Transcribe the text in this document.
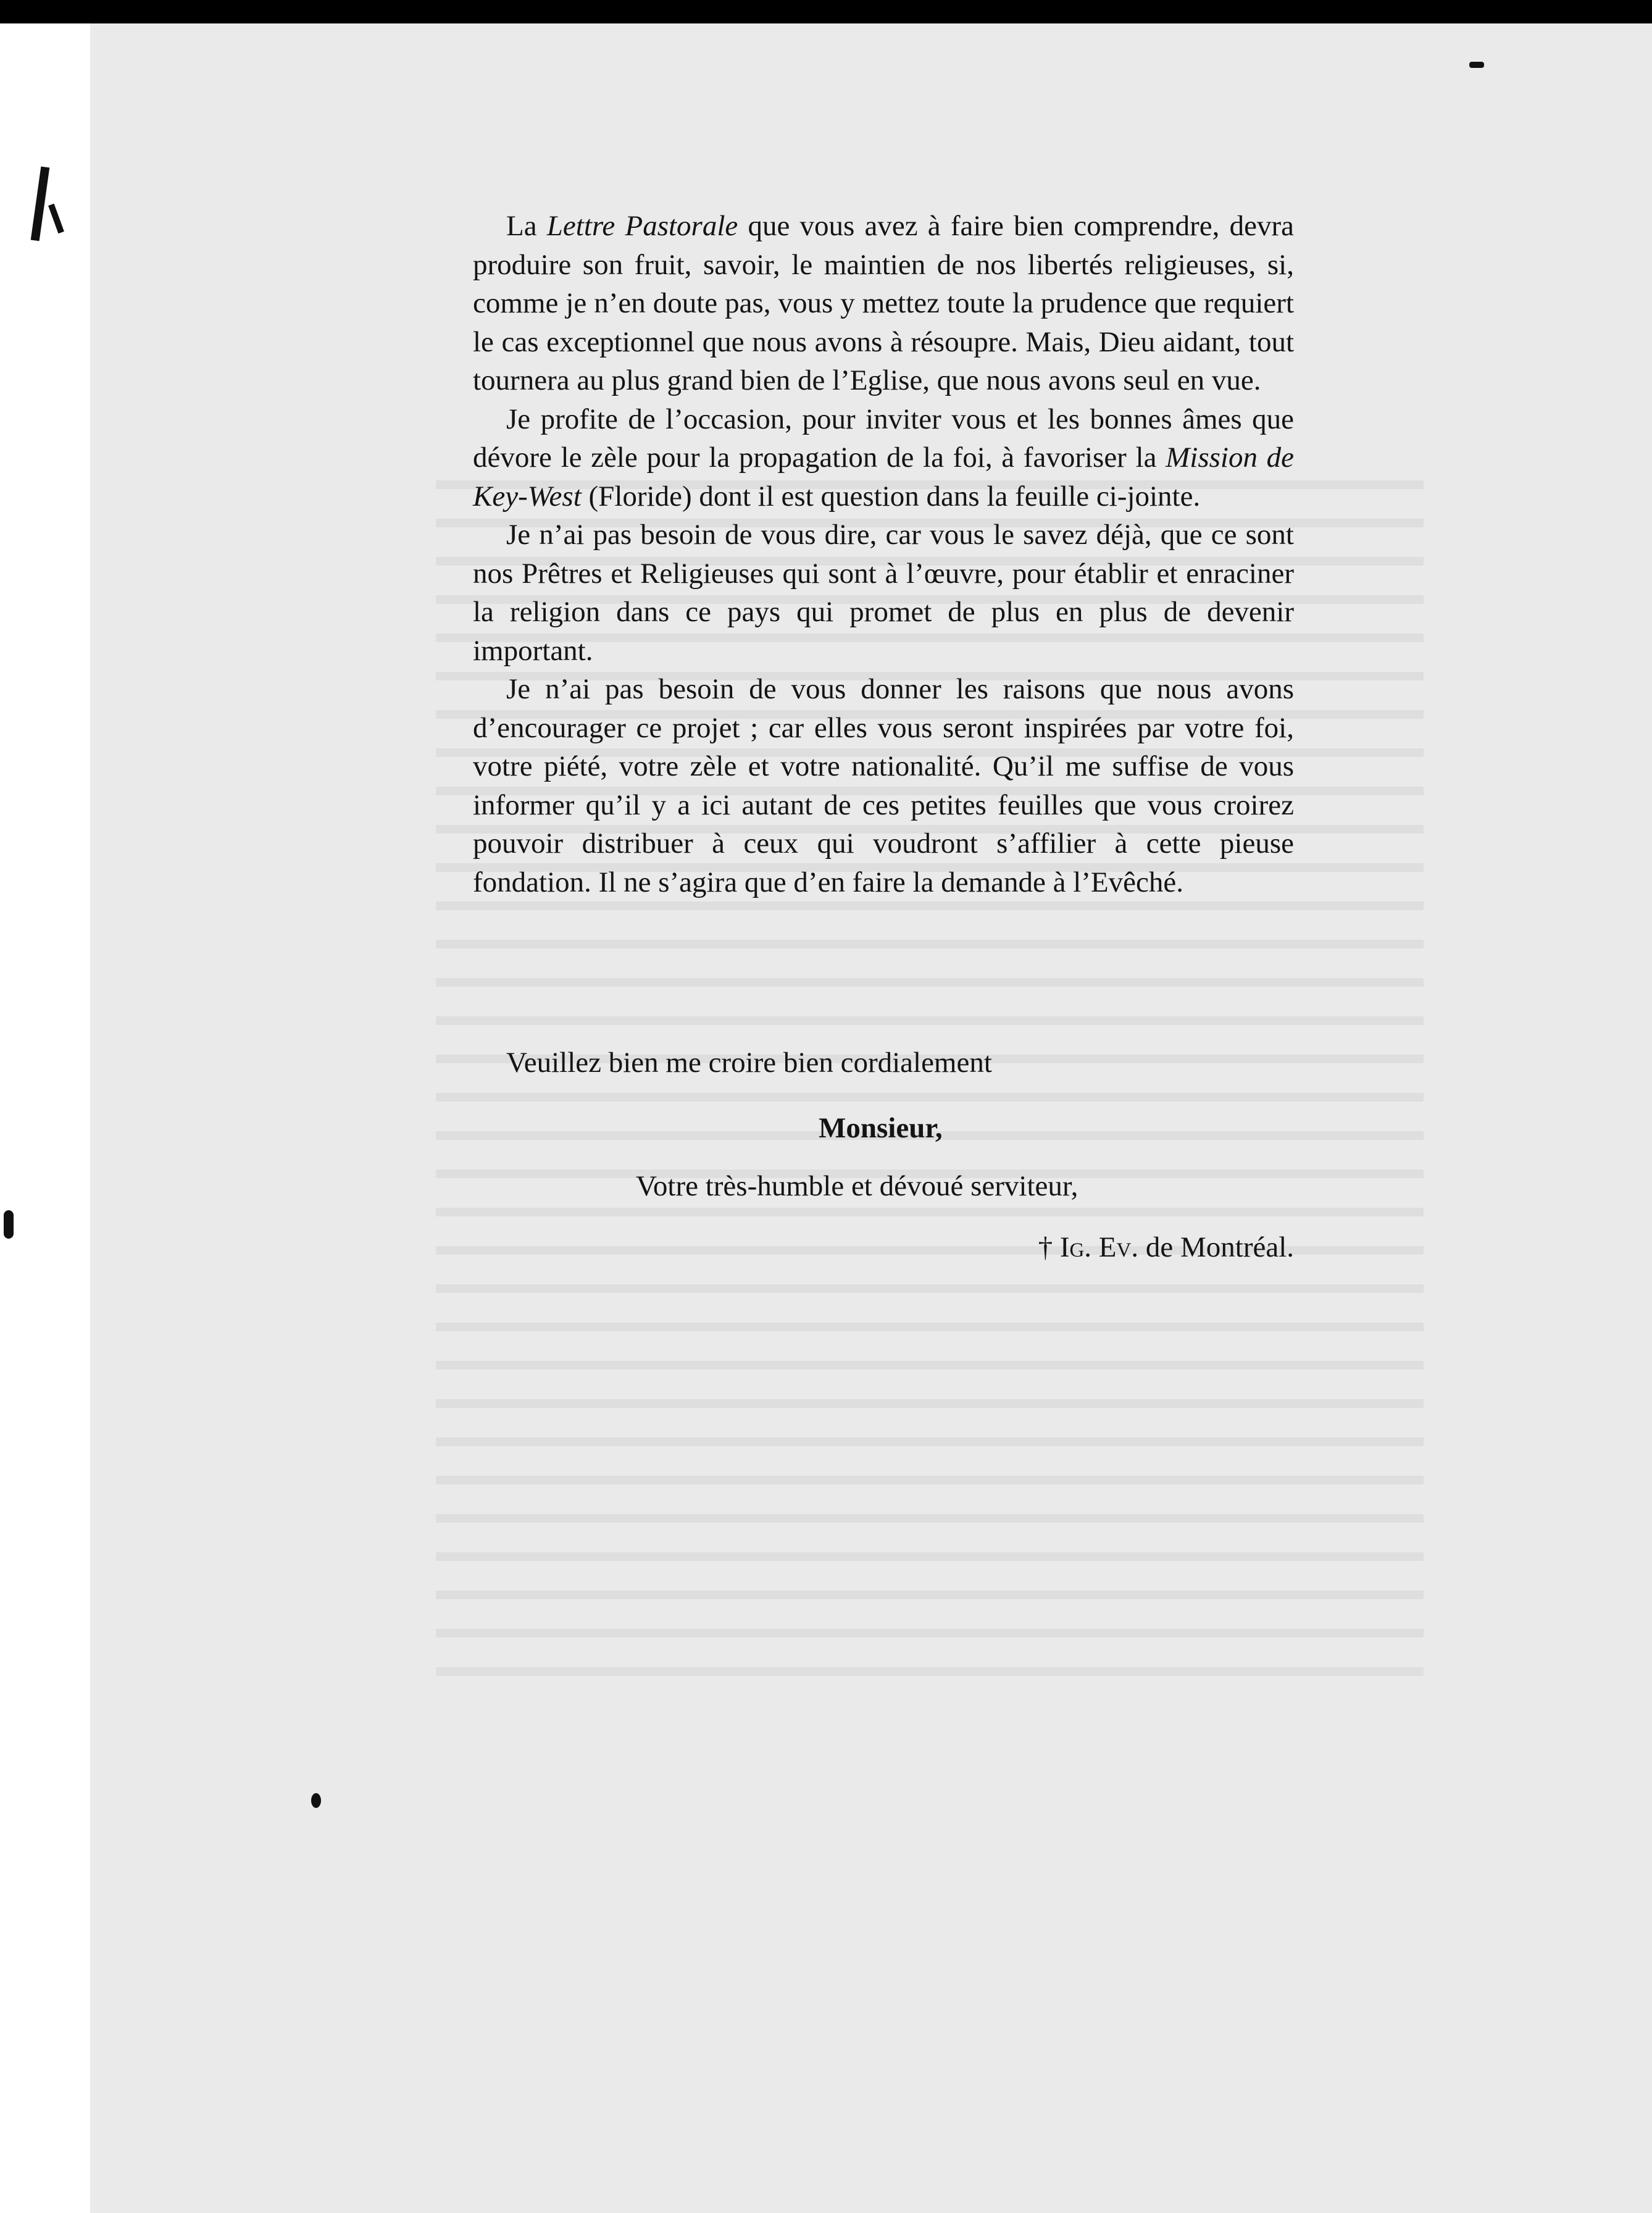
La Lettre Pastorale que vous avez à faire bien comprendre, devra produire son fruit, savoir, le maintien de nos libertés religieuses, si, comme je n’en doute pas, vous y mettez toute la prudence que requiert le cas exceptionnel que nous avons à résoupre. Mais, Dieu aidant, tout tournera au plus grand bien de l’Eglise, que nous avons seul en vue.

Je profite de l’occasion, pour inviter vous et les bonnes âmes que dévore le zèle pour la propagation de la foi, à favoriser la Mission de Key-West (Floride) dont il est question dans la feuille ci-jointe.

Je n’ai pas besoin de vous dire, car vous le savez déjà, que ce sont nos Prêtres et Religieuses qui sont à l’œuvre, pour établir et enraciner la religion dans ce pays qui promet de plus en plus de devenir important.

Je n’ai pas besoin de vous donner les raisons que nous avons d’encourager ce projet ; car elles vous seront inspirées par votre foi, votre piété, votre zèle et votre nationalité. Qu’il me suffise de vous informer qu’il y a ici autant de ces petites feuilles que vous croirez pouvoir distribuer à ceux qui voudront s’affilier à cette pieuse fondation. Il ne s’agira que d’en faire la demande à l’Evêché.

Veuillez bien me croire bien cordialement

Monsieur,

Votre très-humble et dévoué serviteur,

† Ig. Ev. de Montréal.
